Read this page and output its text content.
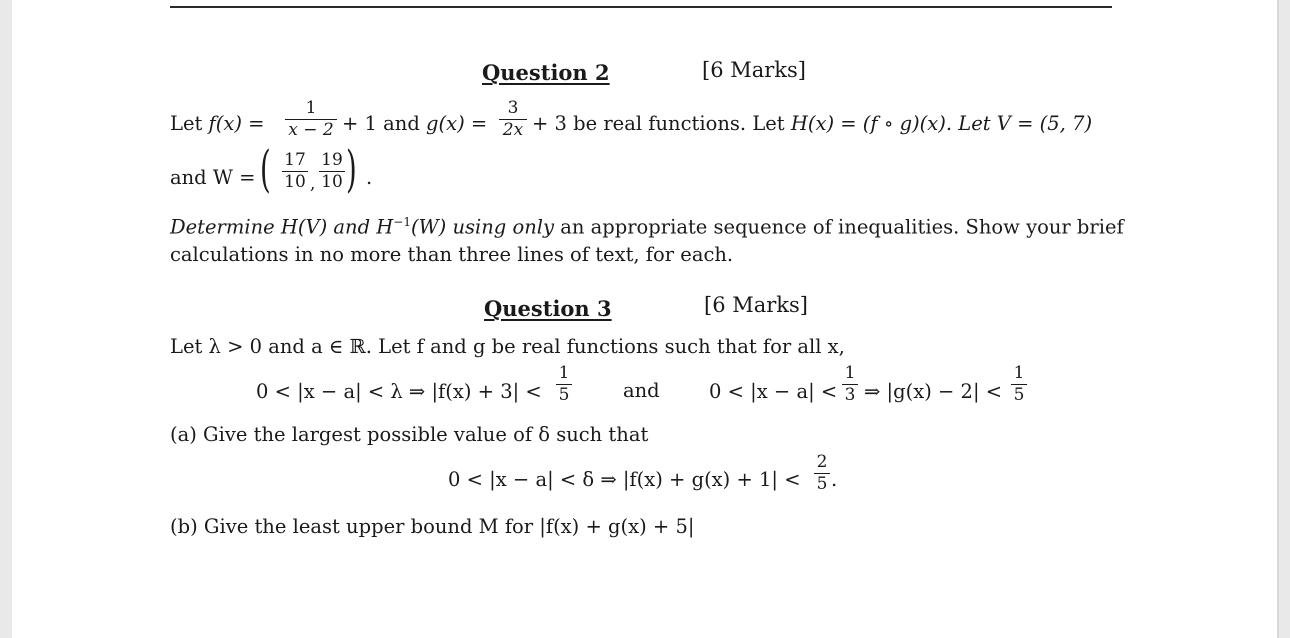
Question 2	[6 Marks]
Let $f(x) = \frac{1}{x - 2} + 1$ and $g(x) = \frac{3}{2x} + 3$ be real functions. Let H(x) = (f ∘ g)(x). Let V = (5, 7)
and W = ( $\frac{17}{10}$ , $\frac{19}{10}$ ) .
Determine H(V) and $H^{-1}(W)$ using only an appropriate sequence of inequalities. Show your brief
calculations in no more than three lines of text, for each.
Question 3	[6 Marks]
Let λ > 0 and a ∈ ℝ. Let f and g be real functions such that for all x,
0 < |x − a| < λ ⇒ $|f(x) + 3| < \frac{1}{5}$	and	$0 < |x - a| < \frac{1}{3}$ ⇒ $|g(x) - 2| < \frac{1}{5}$
(a) Give the largest possible value of δ such that
0 < |x − a| < δ ⇒ $|f(x) + g(x) + 1| < \frac{2}{5}$ .
(b) Give the least upper bound M for |f(x) + g(x) + 5|
